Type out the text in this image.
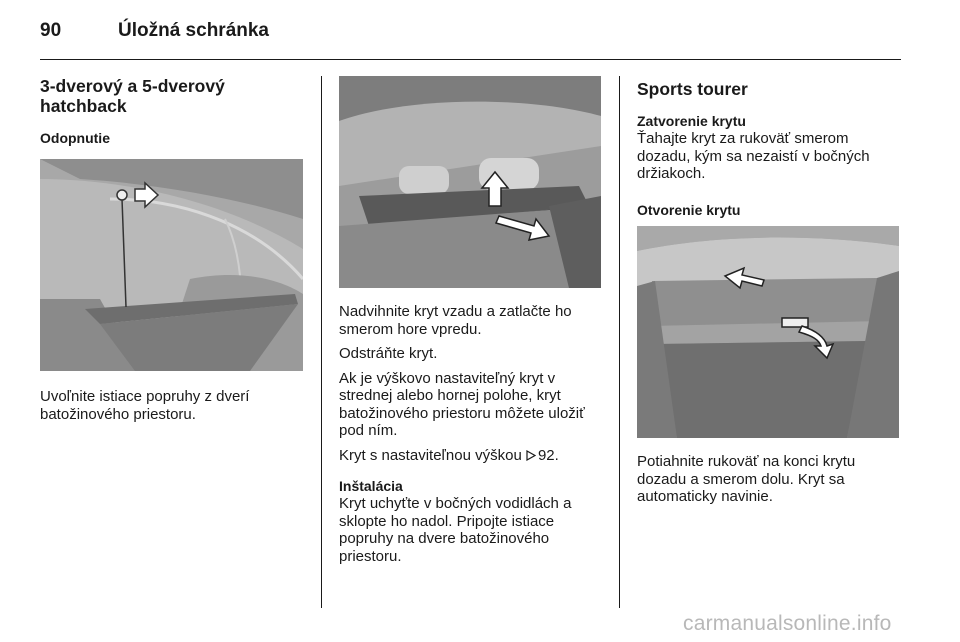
90	Úložná schránka
3-dverový a 5-dverový
hatchback
Odopnutie
Uvoľnite istiace popruhy z dverí
batožinového priestoru.
Nadvihnite kryt vzadu a zatlačte ho
smerom hore vpredu.
Odstráňte kryt.
Ak je výškovo nastaviteľný kryt v
strednej alebo hornej polohe, kryt
batožinového priestoru môžete uložiť
pod ním.
Kryt s nastaviteľnou výškou 92.
Inštalácia
Kryt uchyťte v bočných vodidlách a
sklopte ho nadol. Pripojte istiace
popruhy na dvere batožinového
priestoru.
Sports tourer
Zatvorenie krytu
Ťahajte kryt za rukoväť smerom
dozadu, kým sa nezaistí v bočných
držiakoch.
Otvorenie krytu
Potiahnite rukoväť na konci krytu
dozadu a smerom dolu. Kryt sa
automaticky navinie.
carmanualsonline.info
